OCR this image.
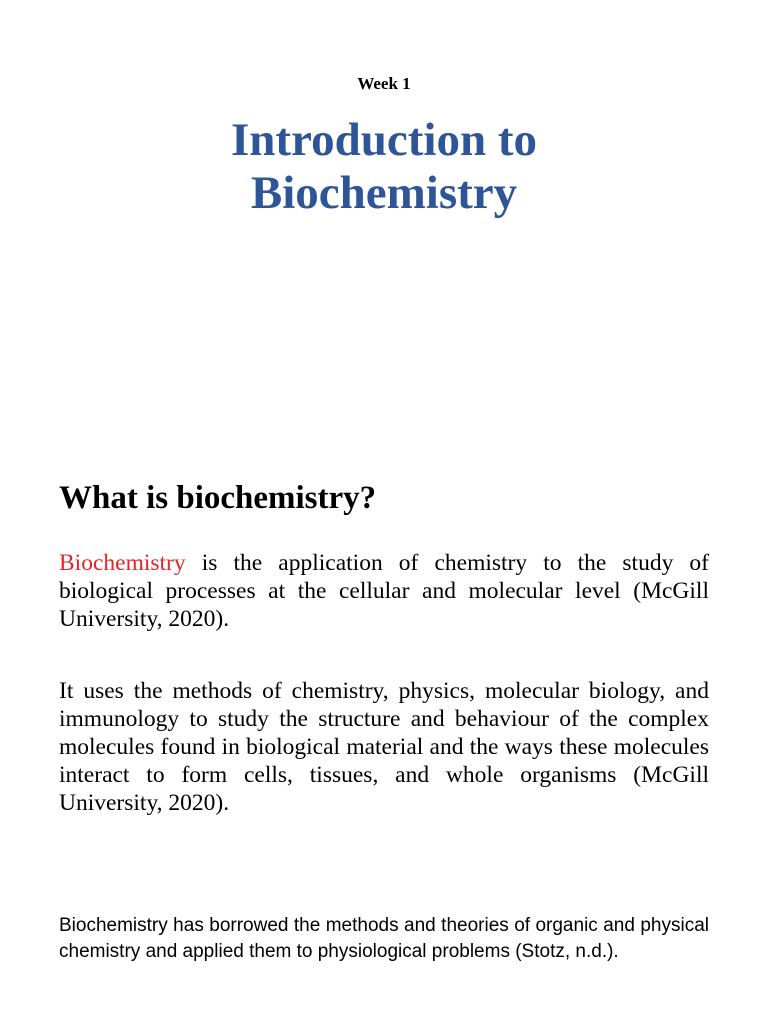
Week 1
Introduction to
Biochemistry
What is biochemistry?

Biochemistry is the application of chemistry to the study of biological processes at the cellular and molecular level (McGill University, 2020).

It uses the methods of chemistry, physics, molecular biology, and immunology to study the structure and behaviour of the complex molecules found in biological material and the ways these molecules interact to form cells, tissues, and whole organisms (McGill University, 2020).

Biochemistry has borrowed the methods and theories of organic and physical chemistry and applied them to physiological problems (Stotz, n.d.).
